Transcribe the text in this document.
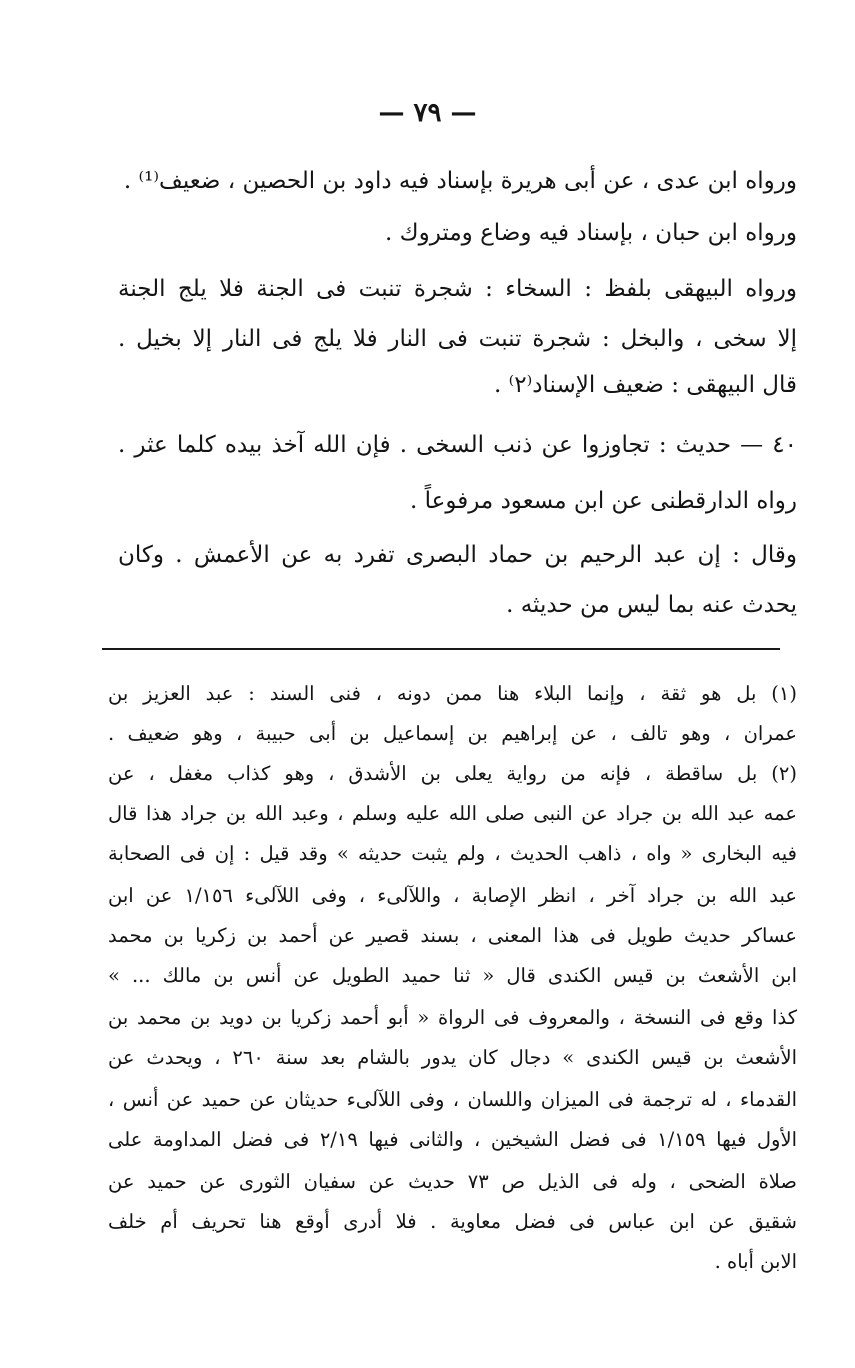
— ٧٩ —
ورواه ابن عدى ، عن أبى هريرة بإسناد فيه داود بن الحصين ، ضعيف⁽¹⁾ .
ورواه ابن حبان ، بإسناد فيه وضاع ومتروك .
ورواه البيهقى بلفظ : السخاء : شجرة تنبت فى الجنة فلا يلج الجنة
إلا سخى ، والبخل : شجرة تنبت فى النار فلا يلج فى النار إلا بخيل .
قال البيهقى : ضعيف الإسناد⁽٢⁾ .
٤٠ — حديث : تجاوزوا عن ذنب السخى . فإن الله آخذ بيده كلما عثر .
رواه الدارقطنى عن ابن مسعود مرفوعاً .
وقال : إن عبد الرحيم بن حماد البصرى تفرد به عن الأعمش . وكان
يحدث عنه بما ليس من حديثه .
(١) بل هو ثقة ، وإنما البلاء هنا ممن دونه ، فنى السند : عبد العزيز بن
عمران ، وهو تالف ، عن إبراهيم بن إسماعيل بن أبى حبيبة ، وهو ضعيف .
(٢) بل ساقطة ، فإنه من رواية يعلى بن الأشدق ، وهو كذاب مغفل ، عن
عمه عبد الله بن جراد عن النبى صلى الله عليه وسلم ، وعبد الله بن جراد هذا قال
فيه البخارى « واه ، ذاهب الحديث ، ولم يثبت حديثه » وقد قيل : إن فى الصحابة
عبد الله بن جراد آخر ، انظر الإصابة ، واللآلىء ، وفى اللآلىء ١/١٥٦ عن ابن
عساكر حديث طويل فى هذا المعنى ، بسند قصير عن أحمد بن زكريا بن محمد
ابن الأشعث بن قيس الكندى قال « ثنا حميد الطويل عن أنس بن مالك ... »
كذا وقع فى النسخة ، والمعروف فى الرواة « أبو أحمد زكريا بن دويد بن محمد بن
الأشعث بن قيس الكندى » دجال كان يدور بالشام بعد سنة ٢٦٠ ، ويحدث عن
القدماء ، له ترجمة فى الميزان واللسان ، وفى اللآلىء حديثان عن حميد عن أنس ،
الأول فيها ١/١٥٩ فى فضل الشيخين ، والثانى فيها ٢/١٩ فى فضل المداومة على
صلاة الضحى ، وله فى الذيل ص ٧٣ حديث عن سفيان الثورى عن حميد عن
شقيق عن ابن عباس فى فضل معاوية . فلا أدرى أوقع هنا تحريف أم خلف
الابن أباه .
